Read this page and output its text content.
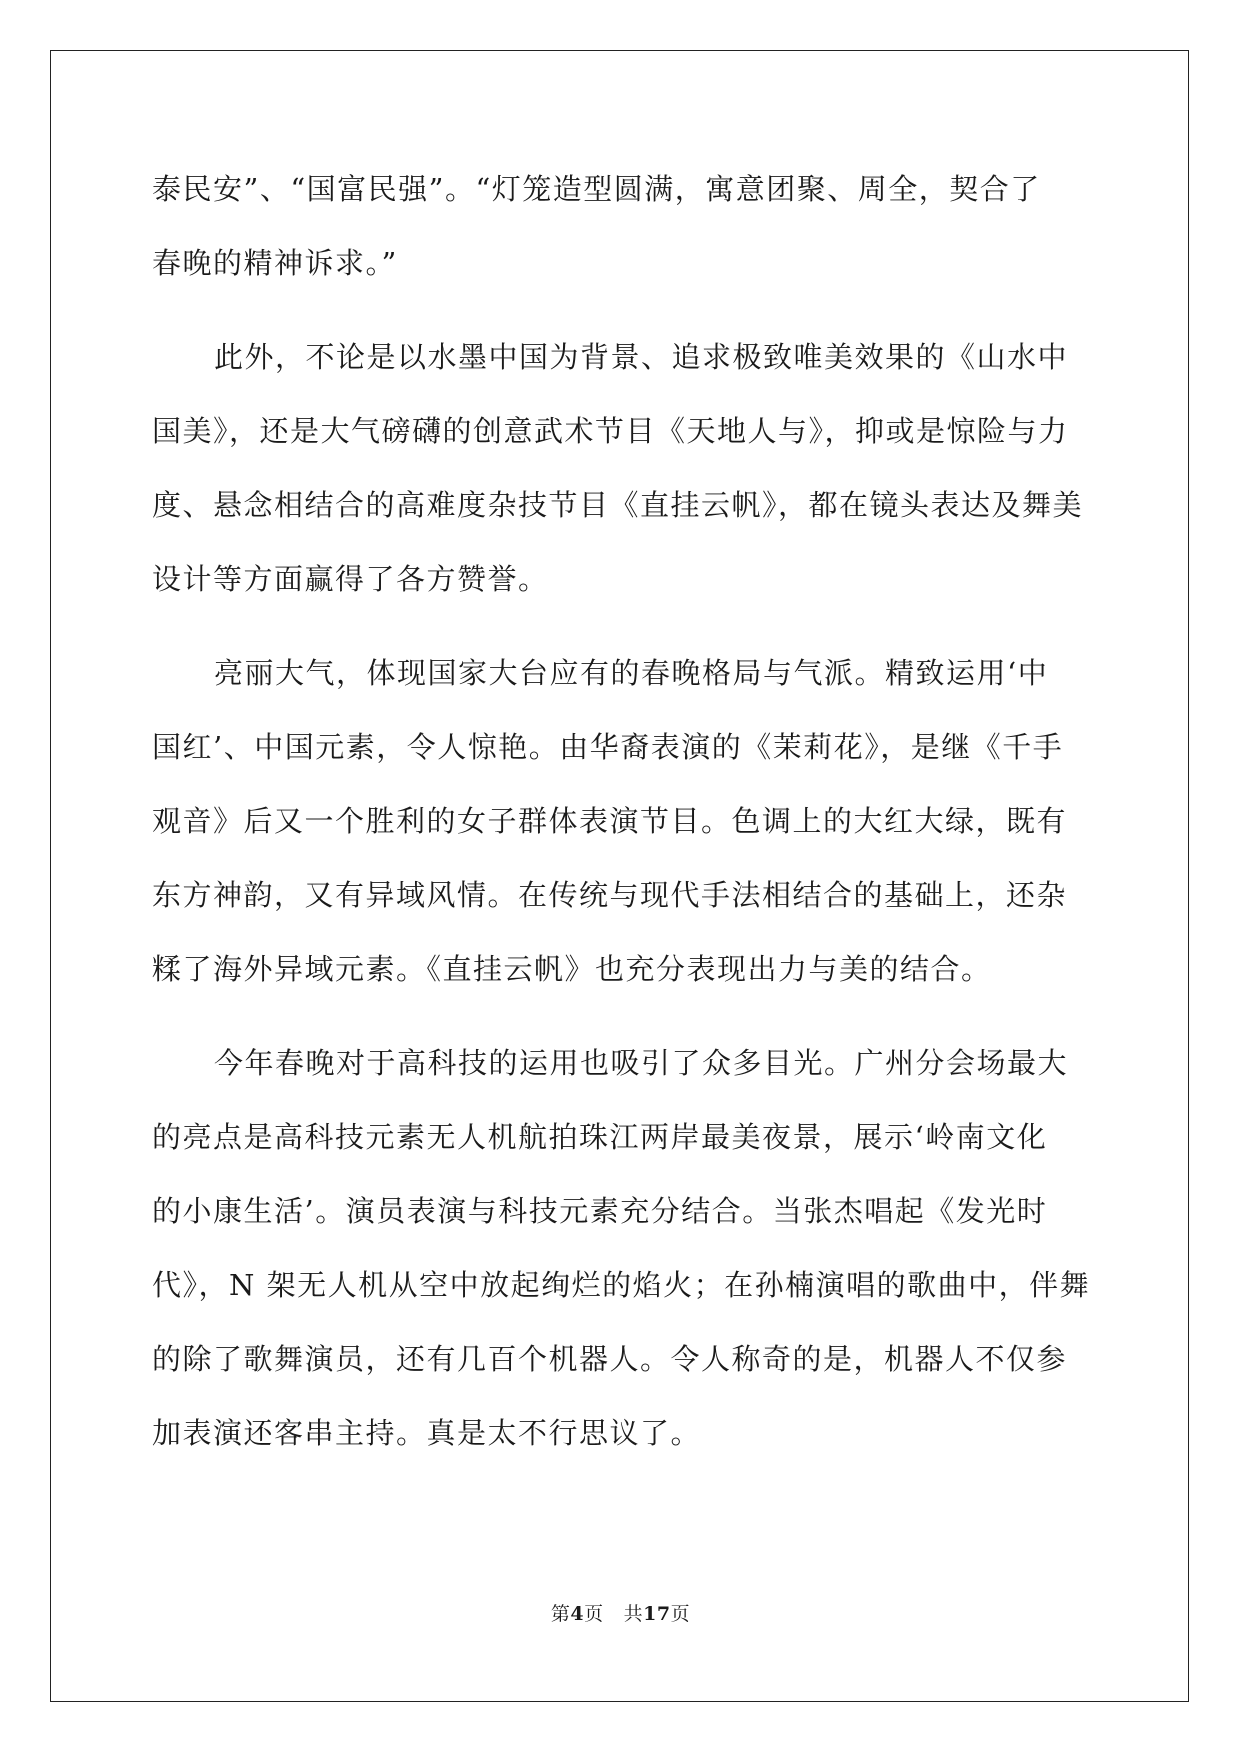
泰民安”、“国富民强”。“灯笼造型圆满，寓意团聚、周全，契合了
春晚的精神诉求。”

此外，不论是以水墨中国为背景、追求极致唯美效果的《山水中
国美》，还是大气磅礴的创意武术节目《天地人与》，抑或是惊险与力
度、悬念相结合的高难度杂技节目《直挂云帆》，都在镜头表达及舞美
设计等方面赢得了各方赞誉。

亮丽大气，体现国家大台应有的春晚格局与气派。精致运用‘中
国红’、中国元素，令人惊艳。由华裔表演的《茉莉花》，是继《千手
观音》后又一个胜利的女子群体表演节目。色调上的大红大绿，既有
东方神韵，又有异域风情。在传统与现代手法相结合的基础上，还杂
糅了海外异域元素。《直挂云帆》也充分表现出力与美的结合。

今年春晚对于高科技的运用也吸引了众多目光。广州分会场最大
的亮点是高科技元素无人机航拍珠江两岸最美夜景，展示‘岭南文化
的小康生活’。演员表演与科技元素充分结合。当张杰唱起《发光时
代》，N 架无人机从空中放起绚烂的焰火；在孙楠演唱的歌曲中，伴舞
的除了歌舞演员，还有几百个机器人。令人称奇的是，机器人不仅参
加表演还客串主持。真是太不行思议了。

第4页 共17页
